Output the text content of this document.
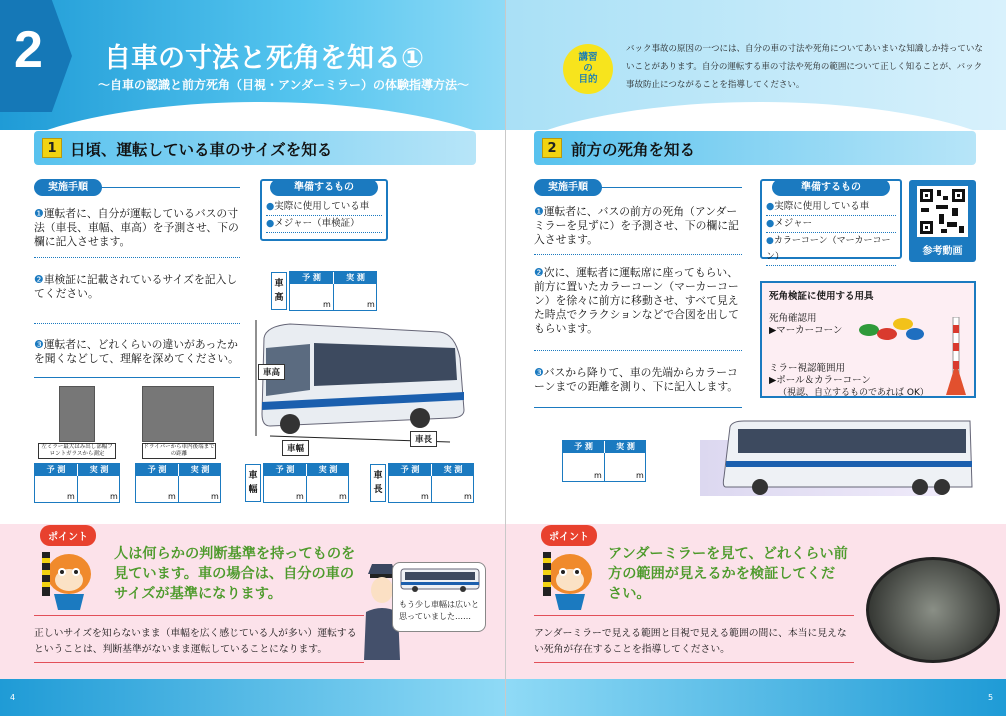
2 自車の寸法と死角を知る①
～自車の認識と前方死角（目視・アンダーミラー）の体験指導方法～
講習
の
目的
バック事故の原因の一つには、自分の車の寸法や死角についてあいまいな知識しか持っていないことがあります。自分の運転する車の寸法や死角の範囲について正しく知ることが、バック事故防止につながることを指導してください。
1 日頃、運転している車のサイズを知る
実施手順
❶運転者に、自分が運転しているバスの寸法（車長、車幅、車高）を予測させ、下の欄に記入させます。
❷車検証に記載されているサイズを記入してください。
❸運転者に、どれくらいの違いがあったかを聞くなどして、理解を深めてください。
準備するもの
●実際に使用している車
●メジャー（車検証）
車高
予 測	実 測
m	m
車高
車幅
車長
左ミラー最大はみ出し部幅フロントガラスから測定
ドライバーから車内後端までの距離
予 測	実 測
m	m
予 測	実 測
m	m
車幅
予 測	実 測
m	m
車長
予 測	実 測
m	m
2 前方の死角を知る
実施手順
❶運転者に、バスの前方の死角（アンダーミラーを見ずに）を予測させ、下の欄に記入させます。
❷次に、運転者に運転席に座ってもらい、前方に置いたカラーコーン（マーカーコーン）を徐々に前方に移動させ、すべて見えた時点でクラクションなどで合図を出してもらいます。
❸バスから降りて、車の先端からカラーコーンまでの距離を測り、下に記入します。
準備するもの
●実際に使用している車
●メジャー
●カラーコーン（マーカーコーン）	参考動画
死角検証に使用する用具
死角確認用
▶マーカーコーン
ミラー視認範囲用
▶ポール＆カラーコーン
（視認、自立するものであれば OK）
予 測	実 測
m	m
ポイント	ポイント
人は何らかの判断基準を持ってものを見ています。車の場合は、自分の車のサイズが基準になります。
正しいサイズを知らないまま（車幅を広く感じている人が多い）運転するということは、判断基準がないまま運転していることになります。
もう少し車幅は広いと思っていました……
アンダーミラーを見て、どれくらい前方の範囲が見えるかを検証してください。
アンダーミラーで見える範囲と目視で見える範囲の間に、本当に見えない死角が存在することを指導してください。
4	5
